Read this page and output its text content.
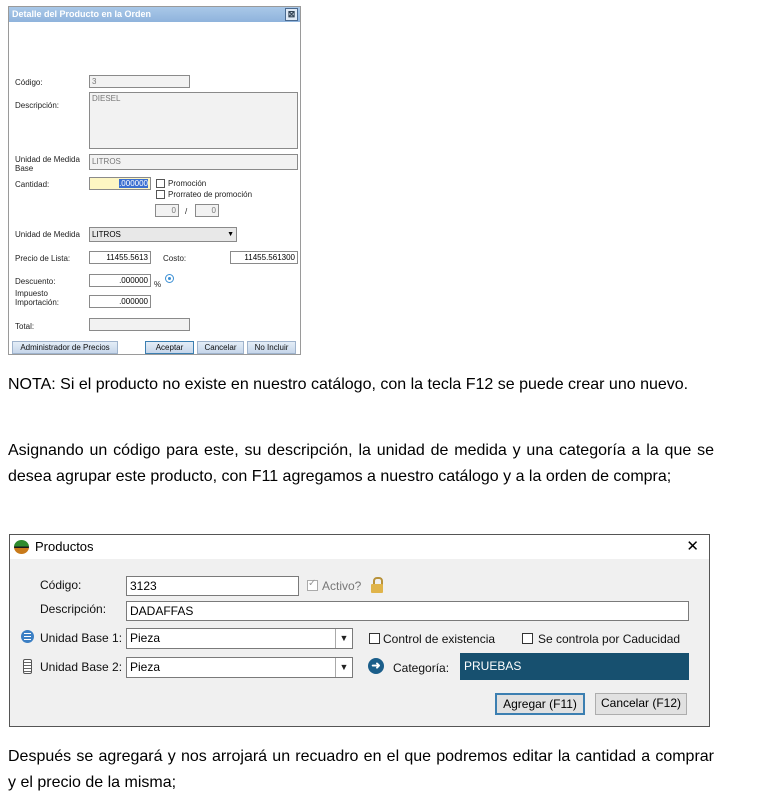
Detalle del Producto en la Orden	⊠
Código:	3
Descripción:
DIESEL
Unidad de Medida Base
LITROS
Cantidad:	.000000	Promoción
Prorrateo de promoción
0	/	0
Unidad de Medida	LITROS	▼
Precio de Lista:	11455.5613	Costo:	11455.561300
Descuento:	.000000 %
Impuesto Importación:	.000000
Total:
Administrador de Precios	Aceptar	Cancelar	No Incluir

NOTA: Si el producto no existe en nuestro catálogo, con la tecla F12 se puede crear uno nuevo.

Asignando un código para este, su descripción, la unidad de medida y una categoría a la que se desea agrupar este producto, con F11 agregamos a nuestro catálogo y a la orden de compra;

Productos	✕
Código:	3123	✓ Activo?
Descripción:	DADAFFAS
Unidad Base 1: Pieza	▼	Control de existencia	Se controla por Caducidad
Unidad Base 2: Pieza	▼	➜ Categoría:	PRUEBAS
Agregar (F11)	Cancelar (F12)

Después se agregará y nos arrojará un recuadro en el que podremos editar la cantidad a comprar y el precio de la misma;
